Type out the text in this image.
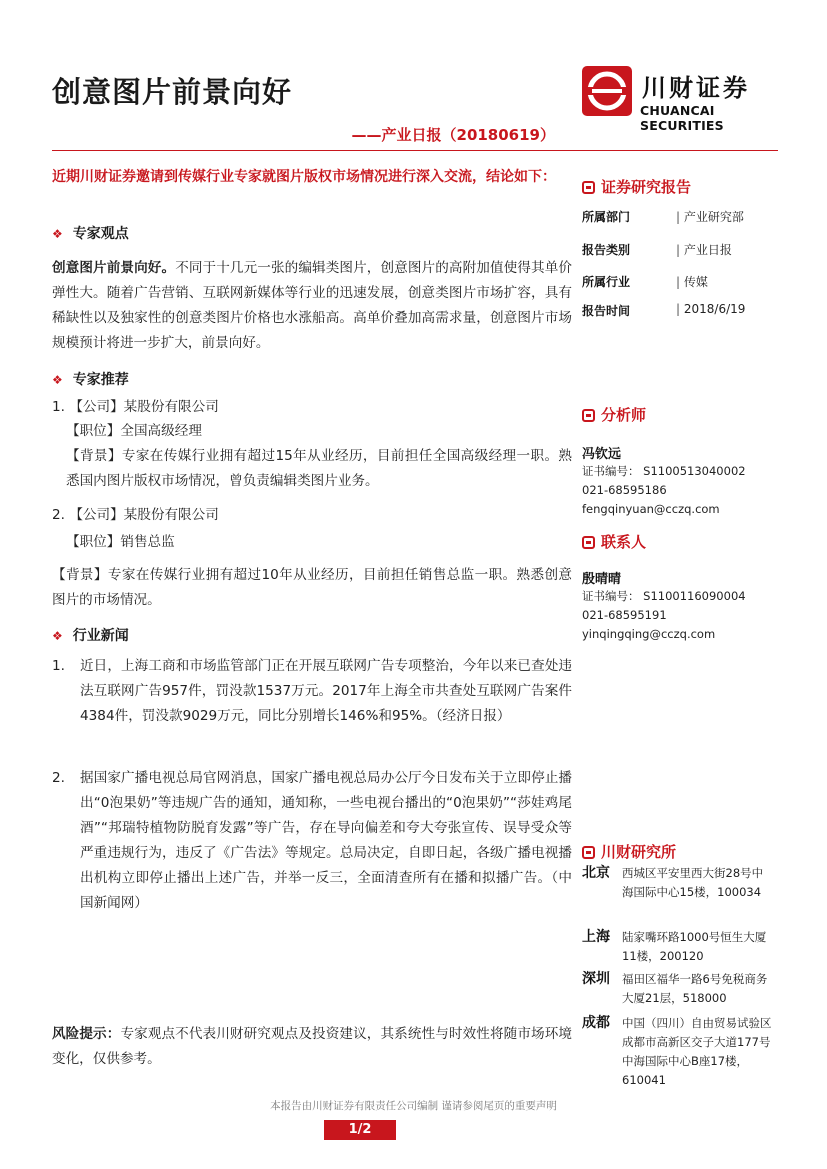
创意图片前景向好	川财证券
CHUANCAI SECURITIES
——产业日报（20180619）
近期川财证券邀请到传媒行业专家就图片版权市场情况进行深入交流，结论如下：
❖ 专家观点
创意图片前景向好。不同于十几元一张的编辑类图片，创意图片的高附加值使得其单价弹性大。随着广告营销、互联网新媒体等行业的迅速发展，创意类图片市场扩容，具有稀缺性以及独家性的创意类图片价格也水涨船高。高单价叠加高需求量，创意图片市场规模预计将进一步扩大，前景向好。
❖ 专家推荐
1. 【公司】某股份有限公司
【职位】全国高级经理
【背景】专家在传媒行业拥有超过15年从业经历，目前担任全国高级经理一职。熟悉国内图片版权市场情况，曾负责编辑类图片业务。
2. 【公司】某股份有限公司
【职位】销售总监
【背景】专家在传媒行业拥有超过10年从业经历，目前担任销售总监一职。熟悉创意图片的市场情况。
❖ 行业新闻
1.	近日，上海工商和市场监管部门正在开展互联网广告专项整治，今年以来已查处违法互联网广告957件，罚没款1537万元。2017年上海全市共查处互联网广告案件4384件，罚没款9029万元，同比分别增长146%和95%。（经济日报）
2.	据国家广播电视总局官网消息，国家广播电视总局办公厅今日发布关于立即停止播出“0泡果奶”等违规广告的通知，通知称，一些电视台播出的“0泡果奶”“莎娃鸡尾酒”“邦瑞特植物防脱育发露”等广告，存在导向偏差和夸大夸张宣传、误导受众等严重违规行为，违反了《广告法》等规定。总局决定，自即日起，各级广播电视播出机构立即停止播出上述广告，并举一反三，全面清查所有在播和拟播广告。（中国新闻网）
风险提示：专家观点不代表川财研究观点及投资建议，其系统性与时效性将随市场环境变化，仅供参考。
证券研究报告
所属部门	| 产业研究部
报告类别	| 产业日报
所属行业	| 传媒
报告时间	| 2018/6/19
分析师
冯钦远
证书编号： S1100513040002
021-68595186
fengqinyuan@cczq.com
联系人
殷晴晴
证书编号： S1100116090004
021-68595191
yinqingqing@cczq.com
川财研究所
北京 西城区平安里西大街28号中海国际中心15楼，100034
上海 陆家嘴环路1000号恒生大厦11楼，200120
深圳 福田区福华一路6号免税商务大厦21层，518000
成都 中国（四川）自由贸易试验区成都市高新区交子大道177号中海国际中心B座17楼，610041
本报告由川财证券有限责任公司编制 谨请参阅尾页的重要声明
1/2
